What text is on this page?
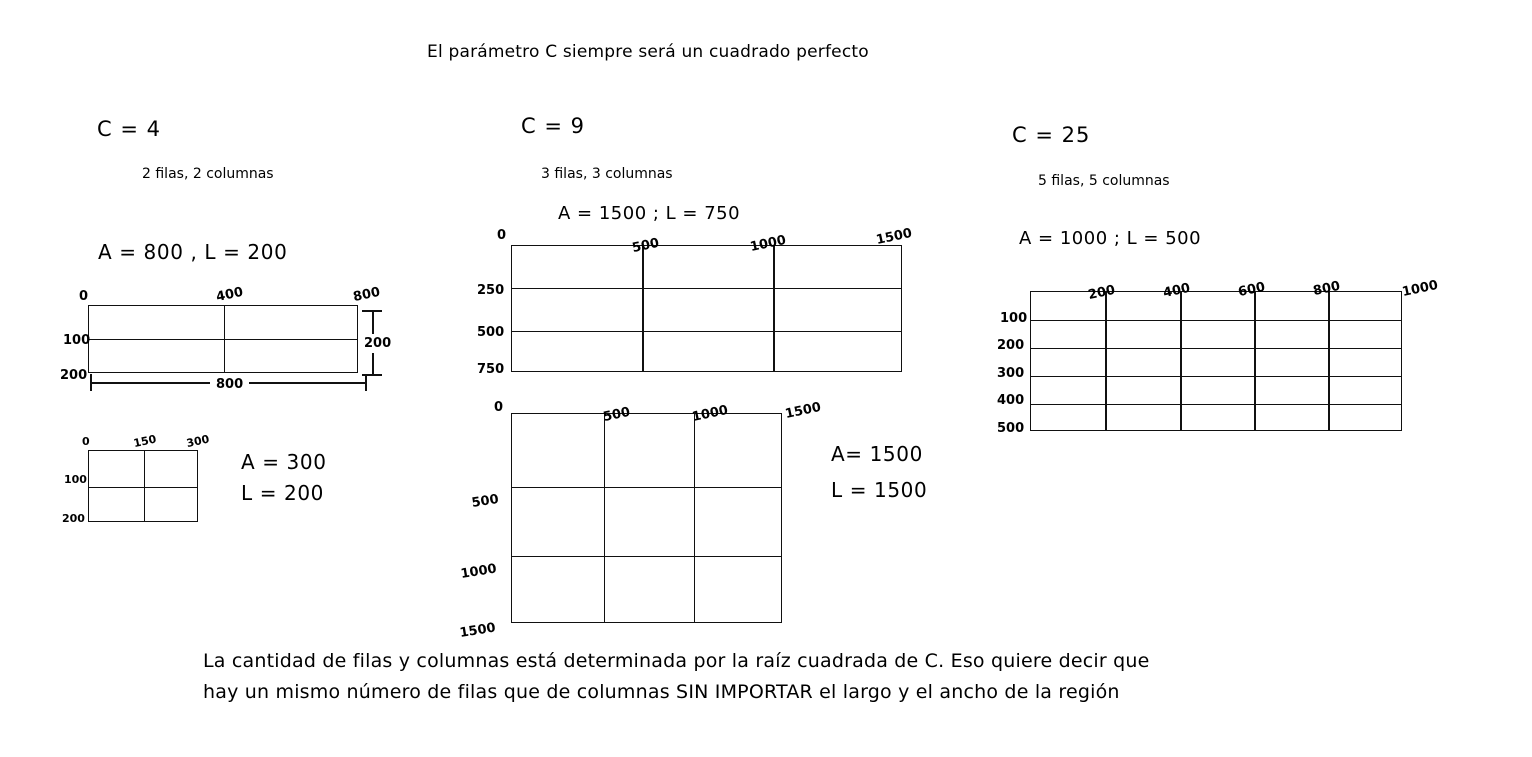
El parámetro C siempre será un cuadrado perfecto
C = 4
2 filas, 2 columnas
A = 800 , L = 200
0	400	800
100
200
800
200
0	150	300
100
200
A = 300
L = 200
C = 9
3 filas, 3 columnas
A = 1500 ; L = 750
0
500	1000	1500
250
500
750
0	500	1000	1500
500
1000
1500
A= 1500
L = 1500
C = 25
5 filas, 5 columnas
A = 1000 ; L = 500
200	400	600	800	1000
100
200
300
400
500
La cantidad de filas y columnas está determinada por la raíz cuadrada de C. Eso quiere decir que
hay un mismo número de filas que de columnas SIN IMPORTAR el largo y el ancho de la región
